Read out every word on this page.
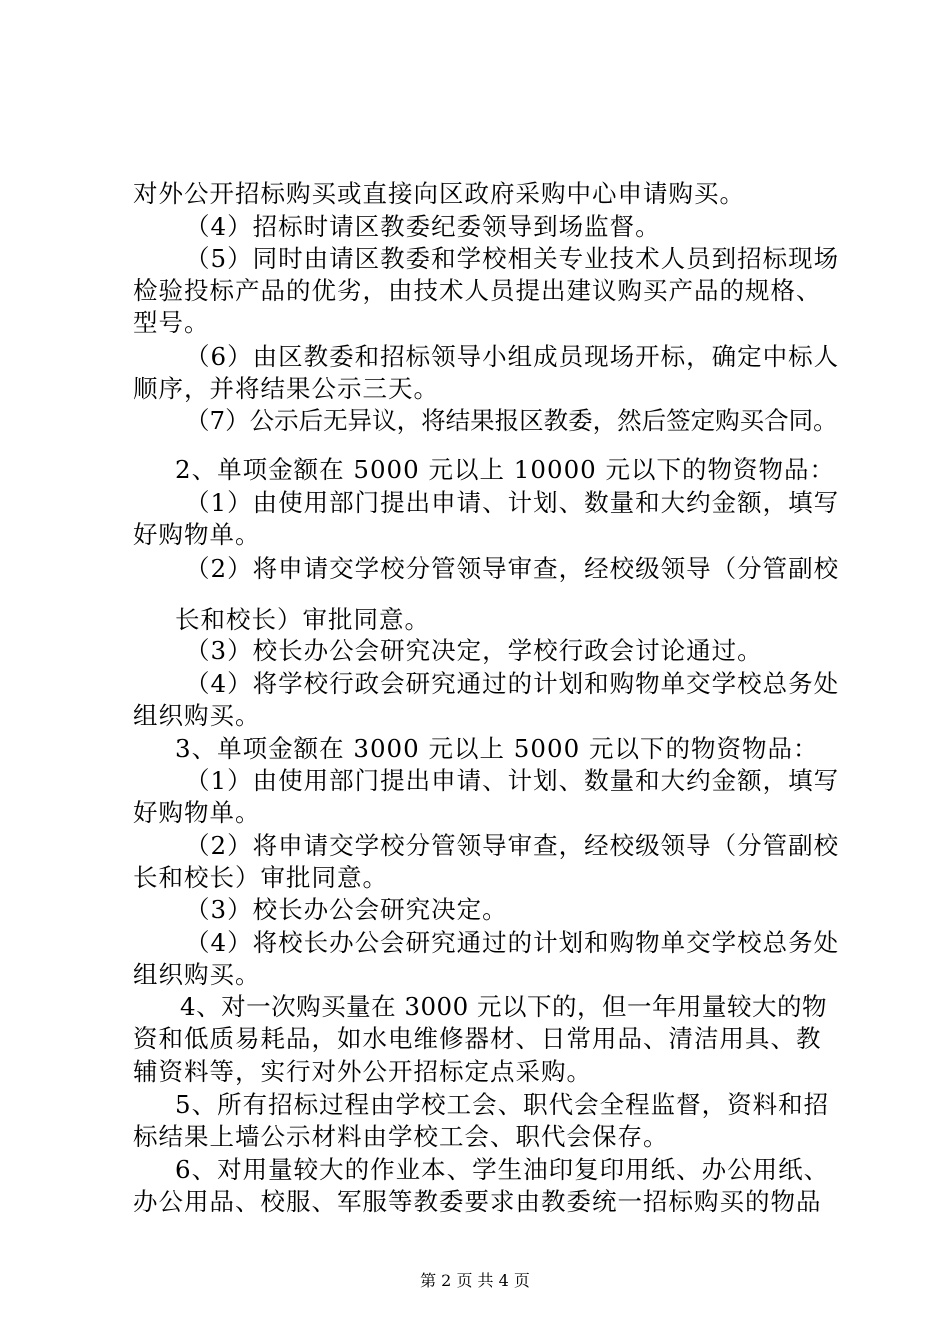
对外公开招标购买或直接向区政府采购中心申请购买。
（4）招标时请区教委纪委领导到场监督。
（5）同时由请区教委和学校相关专业技术人员到招标现场
检验投标产品的优劣，由技术人员提出建议购买产品的规格、
型号。
（6）由区教委和招标领导小组成员现场开标，确定中标人
顺序，并将结果公示三天。
（7）公示后无异议，将结果报区教委，然后签定购买合同。
2、单项金额在 5000 元以上 10000 元以下的物资物品：
（1）由使用部门提出申请、计划、数量和大约金额，填写
好购物单。
（2）将申请交学校分管领导审查，经校级领导（分管副校
长和校长）审批同意。
（3）校长办公会研究决定，学校行政会讨论通过。
（4）将学校行政会研究通过的计划和购物单交学校总务处
组织购买。
3、单项金额在 3000 元以上 5000 元以下的物资物品：
（1）由使用部门提出申请、计划、数量和大约金额，填写
好购物单。
（2）将申请交学校分管领导审查，经校级领导（分管副校
长和校长）审批同意。
（3）校长办公会研究决定。
（4）将校长办公会研究通过的计划和购物单交学校总务处
组织购买。
4、对一次购买量在 3000 元以下的，但一年用量较大的物
资和低质易耗品，如水电维修器材、日常用品、清洁用具、教
辅资料等，实行对外公开招标定点采购。
5、所有招标过程由学校工会、职代会全程监督，资料和招
标结果上墙公示材料由学校工会、职代会保存。
6、对用量较大的作业本、学生油印复印用纸、办公用纸、
办公用品、校服、军服等教委要求由教委统一招标购买的物品
第 2 页 共 4 页
